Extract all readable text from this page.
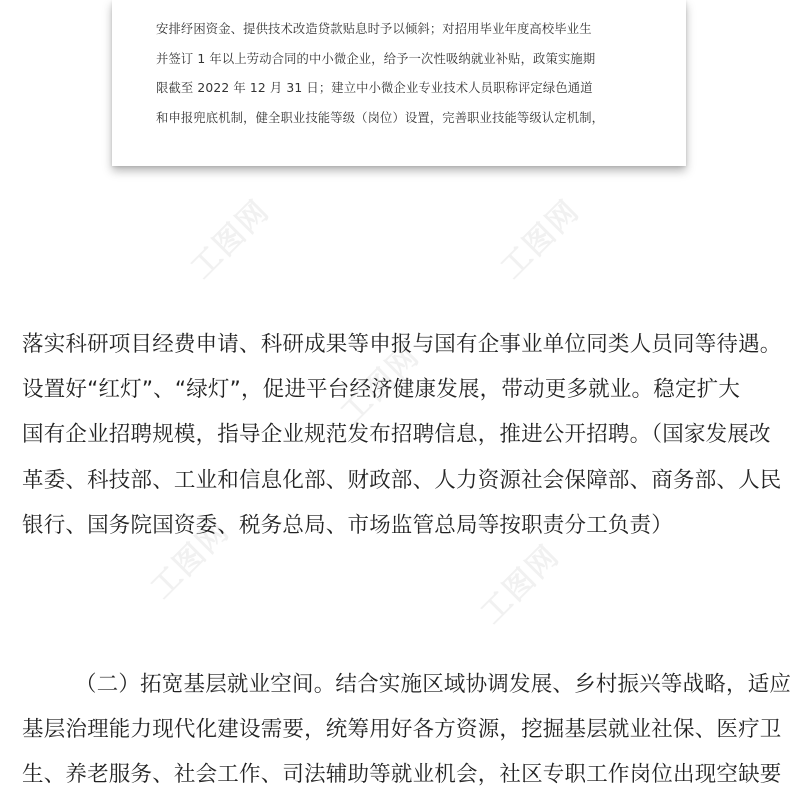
工图网	工图网
工图网
工图网	工图网
安排纾困资金、提供技术改造贷款贴息时予以倾斜；对招用毕业年度高校毕业生
并签订 1 年以上劳动合同的中小微企业，给予一次性吸纳就业补贴，政策实施期
限截至 2022 年 12 月 31 日；建立中小微企业专业技术人员职称评定绿色通道
和申报兜底机制，健全职业技能等级（岗位）设置，完善职业技能等级认定机制，
落实科研项目经费申请、科研成果等申报与国有企事业单位同类人员同等待遇。
设置好“红灯”、“绿灯”，促进平台经济健康发展，带动更多就业。稳定扩大
国有企业招聘规模，指导企业规范发布招聘信息，推进公开招聘。（国家发展改
革委、科技部、工业和信息化部、财政部、人力资源社会保障部、商务部、人民
银行、国务院国资委、税务总局、市场监管总局等按职责分工负责）
（二）拓宽基层就业空间。结合实施区域协调发展、乡村振兴等战略，适应
基层治理能力现代化建设需要，统筹用好各方资源，挖掘基层就业社保、医疗卫
生、养老服务、社会工作、司法辅助等就业机会，社区专职工作岗位出现空缺要
